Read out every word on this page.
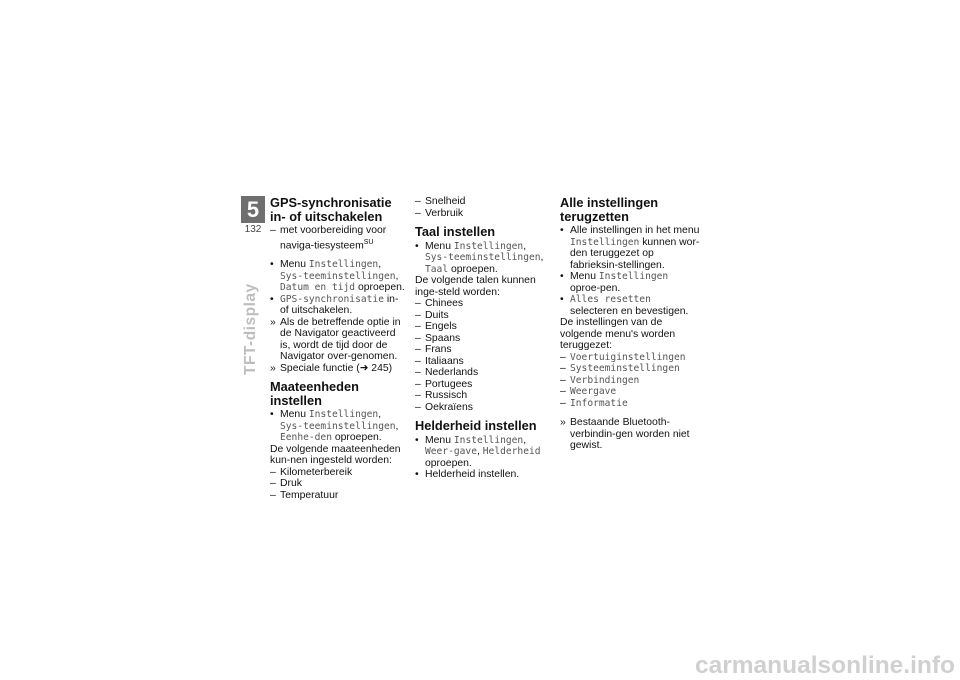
5
132
TFT-display
GPS-synchronisatie in- of uitschakelen

– met voorbereiding voor naviga-tiesysteem$^{SU}$

• Menu Instellingen, Sys-teeminstellingen, Datum en tijd oproepen.

• GPS-synchronisatie in- of uitschakelen.

» Als de betreffende optie in de Navigator geactiveerd is, wordt de tijd door de Navigator over-genomen.

» Speciale functie (➜ 245)

Maateenheden instellen

• Menu Instellingen, Sys-teeminstellingen, Eenhe-den oproepen.

De volgende maateenheden kun-nen ingesteld worden:

– Kilometerbereik

– Druk

– Temperatuur

– Snelheid

– Verbruik

Taal instellen

• Menu Instellingen, Sys-teeminstellingen, Taal oproepen.

De volgende talen kunnen inge-steld worden:

– Chinees

– Duits

– Engels

– Spaans

– Frans

– Italiaans

– Nederlands

– Portugees

– Russisch

– Oekraïens

Helderheid instellen

• Menu Instellingen, Weer-gave, Helderheid oproepen.

• Helderheid instellen.

Alle instellingen terugzetten

• Alle instellingen in het menu Instellingen kunnen wor-den teruggezet op fabrieksin-stellingen.

• Menu Instellingen oproe-pen.

• Alles resetten selecteren en bevestigen.

De instellingen van de volgende menu's worden teruggezet:

– Voertuiginstellingen

– Systeeminstellingen

– Verbindingen

– Weergave

– Informatie

» Bestaande Bluetooth-verbindin-gen worden niet gewist.

carmanualsonline.info
